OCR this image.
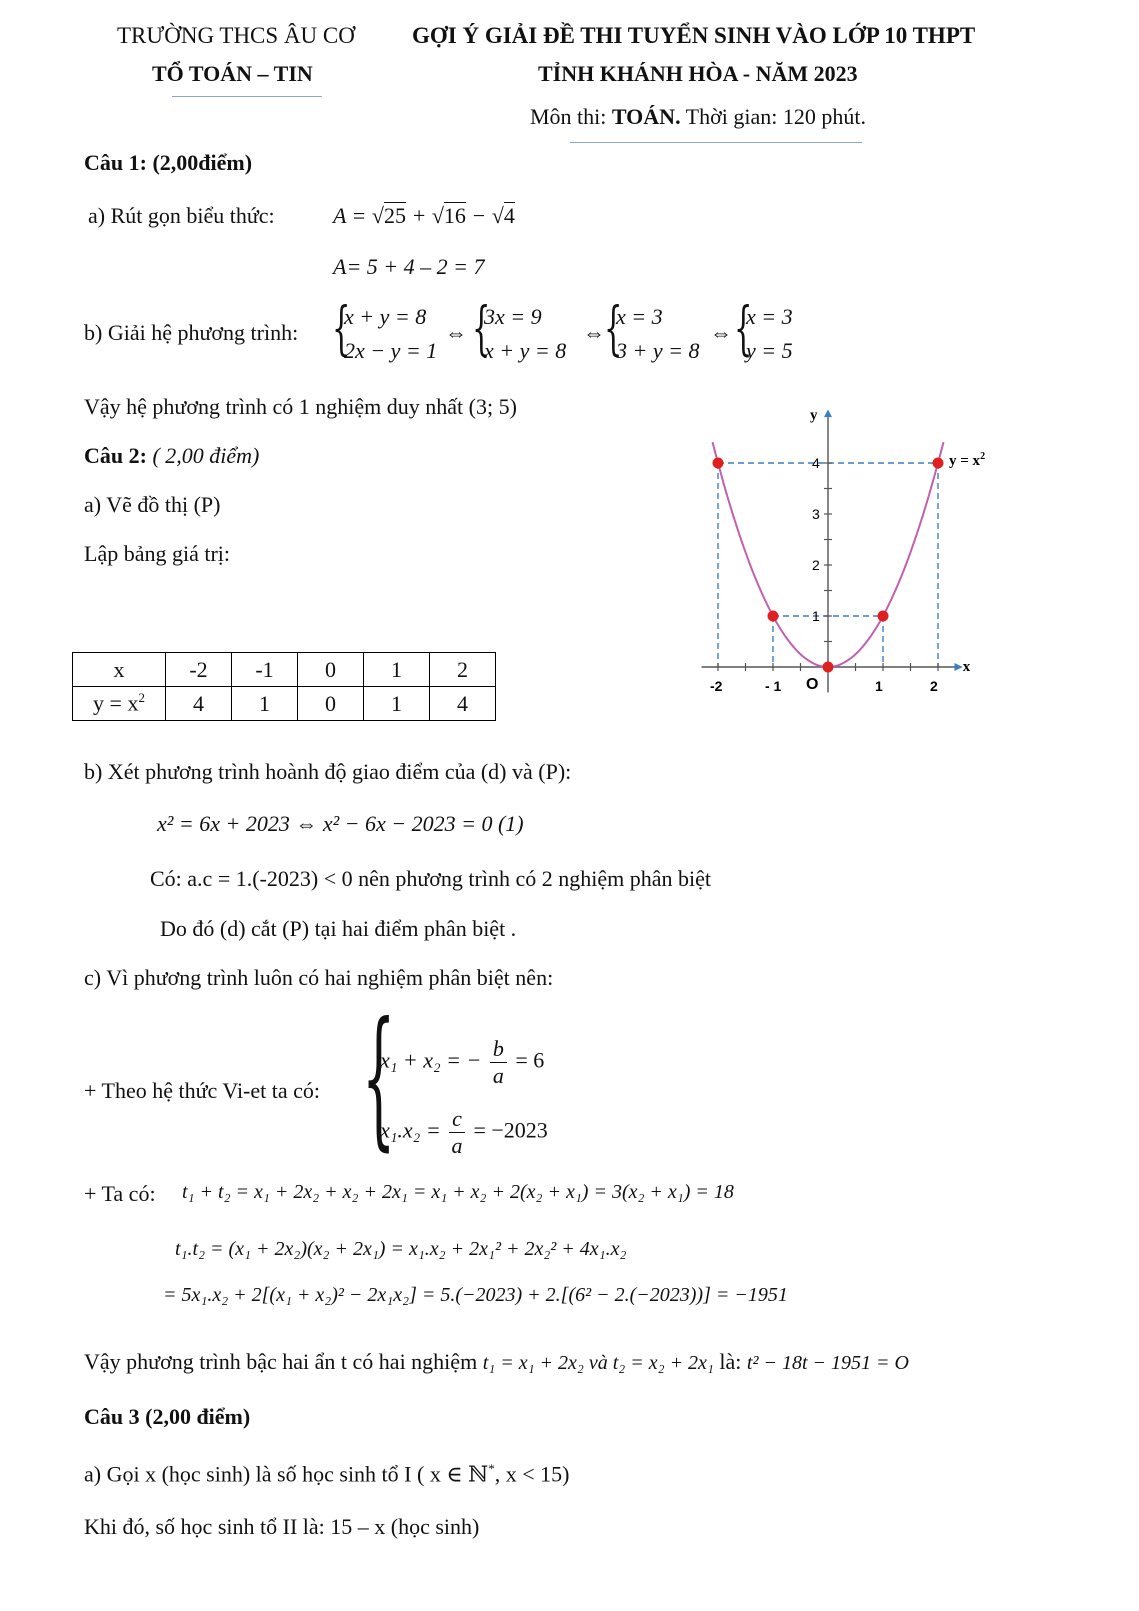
TRƯỜNG THCS ÂU CƠ
TỔ TOÁN – TIN
GỢI Ý GIẢI ĐỀ THI TUYỂN SINH VÀO LỚP 10 THPT
TỈNH KHÁNH HÒA - NĂM 2023
Môn thi: TOÁN. Thời gian: 120 phút.
Câu 1: (2,00điểm)
a) Rút gọn biểu thức:	A = √25 + √16 − √4
A= 5 + 4 – 2 = 7
b) Giải hệ phương trình: {
x + y = 8
2x − y = 1
⇔ {
3x = 9
x + y = 8
⇔ {
x = 3
3 + y = 8
⇔ {
x = 3
y = 5
Vậy hệ phương trình có 1 nghiệm duy nhất (3; 5)
Câu 2: ( 2,00 điểm)
a) Vẽ đồ thị (P)
Lập bảng giá trị:
x	-2	-1	0	1	2
$y = x^2$	4	1	0	1	4
y
x
O
$y = x^2$
-2	- 1	1	2
1
2
3
4
b) Xét phương trình hoành độ giao điểm của (d) và (P):
x² = 6x + 2023 ⇔ x² − 6x − 2023 = 0 (1)
Có: a.c = 1.(-2023) < 0 nên phương trình có 2 nghiệm phân biệt
Do đó (d) cắt (P) tại hai điểm phân biệt .
c) Vì phương trình luôn có hai nghiệm phân biệt nên:
+ Theo hệ thức Vi-et ta có: {
x₁ + x₂ = − $\frac{b}{a} = 6$
$x_1.x_2 = \frac{c}{a} = -2023$
+ Ta có: t₁ + t₂ = x₁ + 2x₂ + x₂ + 2x₁ = x₁ + x₂ + 2(x₂ + x₁) = 3(x₂ + x₁) = 18
t₁.t₂ = (x₁ + 2x₂)(x₂ + 2x₁) = x₁.x₂ + 2x₁² + 2x₂² + 4x₁.x₂
= 5x₁.x₂ + 2[(x₁ + x₂)² − 2x₁x₂] = 5.(−2023) + 2.[(6² − 2.(−2023))] = −1951
Vậy phương trình bậc hai ẩn t có hai nghiệm t₁ = x₁ + 2x₂ và t₂ = x₂ + 2x₁ là: t² − 18t − 1951 = O
Câu 3 (2,00 điểm)
a) Gọi x (học sinh) là số học sinh tổ I ( x ∈ ℕ*, x < 15)
Khi đó, số học sinh tổ II là: 15 – x (học sinh)
